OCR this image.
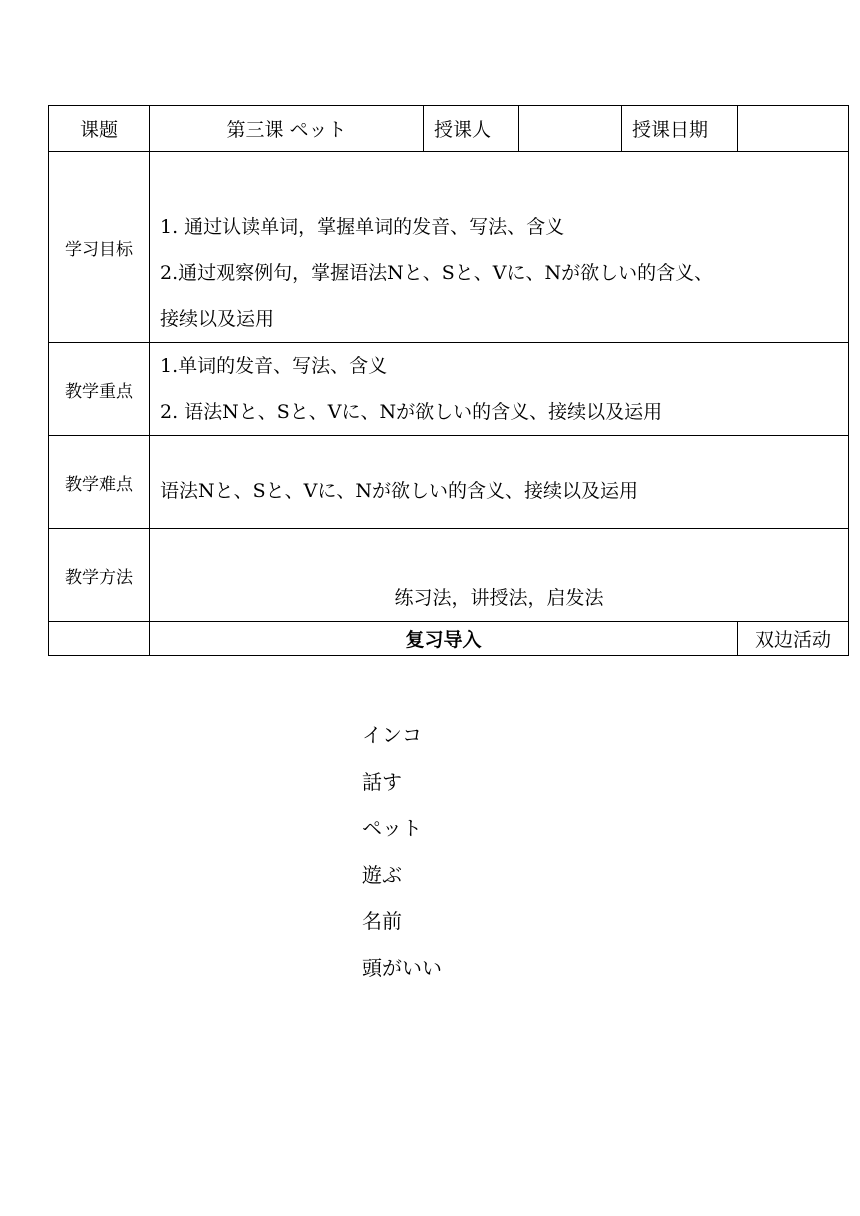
课题	第三课 ペット	授课人		授课日期	
学习目标	1. 通过认读单词，掌握单词的发音、写法、含义
2.通过观察例句，掌握语法Nと、Sと、Vに、Nが欲しい的含义、
接续以及运用				

教学重点	1.单词的发音、写法、含义
2. 语法Nと、Sと、Vに、Nが欲しい的含义、接续以及运用				

教学难点	语法Nと、Sと、Vに、Nが欲しい的含义、接续以及运用				

教学方法	练习法，讲授法，启发法				

	复习导入				双边活动
インコ
話す
ペット
遊ぶ
名前
頭がいい
